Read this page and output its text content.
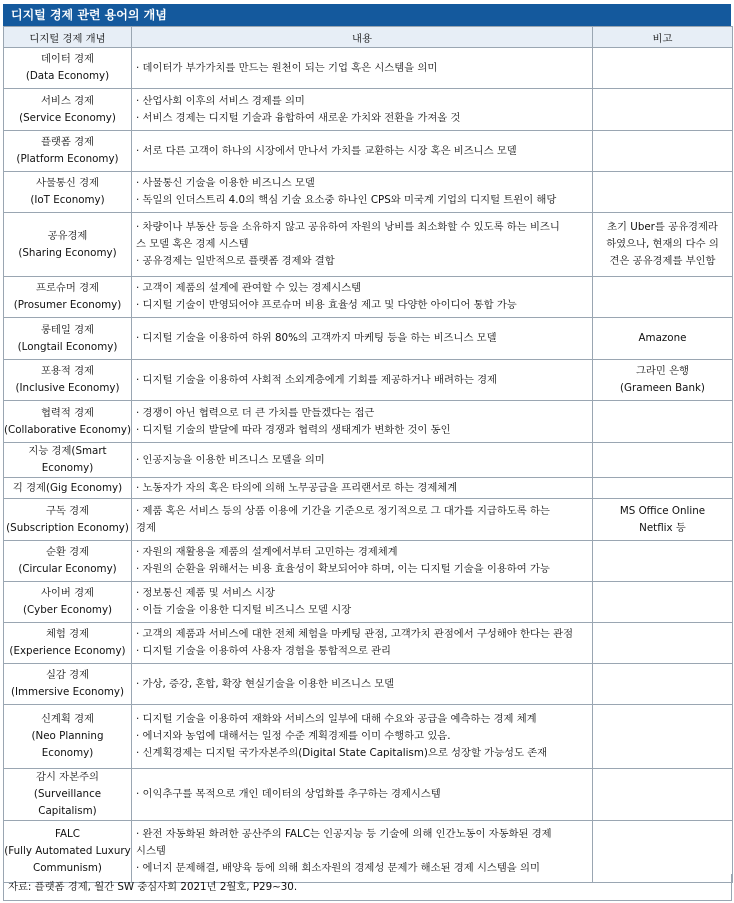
디지털 경제 관련 용어의 개념
디지털 경제 개념	내용	비고

데이터 경제
(Data Economy)	· 데이터가 부가가치를 만드는 원천이 되는 기업 혹은 시스템을 의미	

서비스 경제
(Service Economy)	· 산업사회 이후의 서비스 경제를 의미
· 서비스 경제는 디지털 기술과 융합하여 새로운 가치와 전환을 가져올 것	

플랫폼 경제
(Platform Economy)	· 서로 다른 고객이 하나의 시장에서 만나서 가치를 교환하는 시장 혹은 비즈니스 모델	

사물통신 경제
(IoT Economy)	· 사물통신 기술을 이용한 비즈니스 모델
· 독일의 인더스트리 4.0의 핵심 기술 요소중 하나인 CPS와 미국계 기업의 디지털 트윈이 해당	

공유경제
(Sharing Economy)	· 차량이나 부동산 등을 소유하지 않고 공유하여 자원의 낭비를 최소화할 수 있도록 하는 비즈니
스 모델 혹은 경제 시스템
· 공유경제는 일반적으로 플랫폼 경제와 결합	초기 Uber를 공유경제라
하였으나, 현재의 다수 의
견은 공유경제를 부인함

프로슈머 경제
(Prosumer Economy)	· 고객이 제품의 설계에 관여할 수 있는 경제시스템
· 디지털 기술이 반영되어야 프로슈머 비용 효율성 제고 및 다양한 아이디어 통합 가능	

롱테일 경제
(Longtail Economy)	· 디지털 기술을 이용하여 하위 80%의 고객까지 마케팅 등을 하는 비즈니스 모델	Amazone

포용적 경제
(Inclusive Economy)	· 디지털 기술을 이용하여 사회적 소외계층에게 기회를 제공하거나 배려하는 경제	그라민 은행
(Grameen Bank)

협력적 경제
(Collaborative Economy)	· 경쟁이 아닌 협력으로 더 큰 가치를 만들겠다는 접근
· 디지털 기술의 발달에 따라 경쟁과 협력의 생태계가 변화한 것이 동인	

지능 경제(Smart Economy)	· 인공지능을 이용한 비즈니스 모델을 의미	

긱 경제(Gig Economy)	· 노동자가 자의 혹은 타의에 의해 노무공급을 프리랜서로 하는 경제체계	

구독 경제
(Subscription Economy)	· 제품 혹은 서비스 등의 상품 이용에 기간을 기준으로 정기적으로 그 대가를 지급하도록 하는
경제	MS Office Online
Netflix 등

순환 경제
(Circular Economy)	· 자원의 재활용을 제품의 설계에서부터 고민하는 경제체계
· 자원의 순환을 위해서는 비용 효율성이 확보되어야 하며, 이는 디지털 기술을 이용하여 가능	

사이버 경제
(Cyber Economy)	· 정보통신 제품 및 서비스 시장
· 이들 기술을 이용한 디지털 비즈니스 모델 시장	

체험 경제
(Experience Economy)	· 고객의 제품과 서비스에 대한 전체 체험을 마케팅 관점, 고객가치 관점에서 구성해야 한다는 관점
· 디지털 기술을 이용하여 사용자 경험을 통합적으로 관리	

실감 경제
(Immersive Economy)	· 가상, 증강, 혼합, 확장 현실기술을 이용한 비즈니스 모델	

신계획 경제
(Neo Planning
Economy)	· 디지털 기술을 이용하여 재화와 서비스의 일부에 대해 수요와 공급을 예측하는 경제 체계
· 에너지와 농업에 대해서는 일정 수준 계획경제를 이미 수행하고 있음.
· 신계획경제는 디지털 국가자본주의(Digital State Capitalism)으로 성장할 가능성도 존재	

감시 자본주의
(Surveillance Capitalism)	· 이익추구를 목적으로 개인 데이터의 상업화를 추구하는 경제시스템	

FALC
(Fully Automated Luxury
Communism)	· 완전 자동화된 화려한 공산주의 FALC는 인공지능 등 기술에 의해 인간노동이 자동화된 경제
시스템
· 에너지 문제해결, 배양육 등에 의해 희소자원의 경제성 문제가 해소된 경제 시스템을 의미	

자료: 플랫폼 경제, 월간 SW 중심사회 2021년 2월호, P29~30.
